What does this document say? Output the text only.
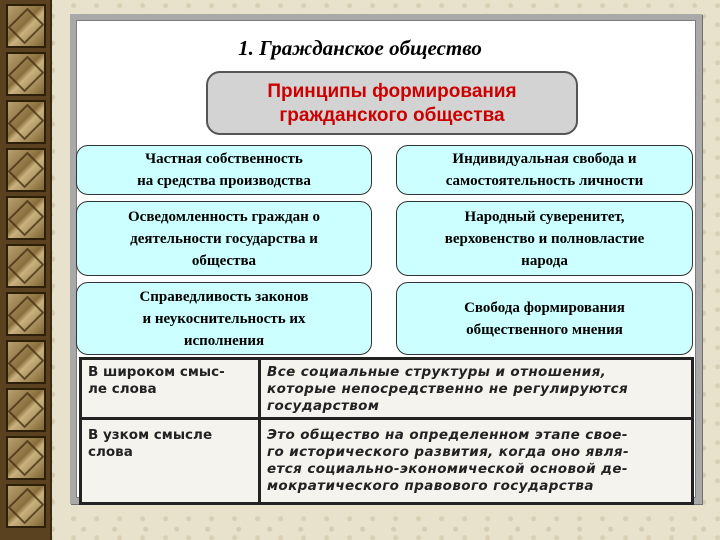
1. Гражданское общество
Принципы формирования
гражданского общества
Частная собственность
на средства производства
Индивидуальная свобода и
самостоятельность личности
Осведомленность граждан о
деятельности государства и
общества
Народный суверенитет,
верховенство и полновластие
народа
Справедливость законов
и неукоснительность их
исполнения
Свобода формирования
общественного мнения
В широком смыс-
ле слова
Все социальные структуры и отношения,
которые непосредственно не регулируются
государством
В узком смысле
слова
Это общество на определенном этапе свое-
го исторического развития, когда оно явля-
ется социально-экономической основой де-
мократического правового государства
